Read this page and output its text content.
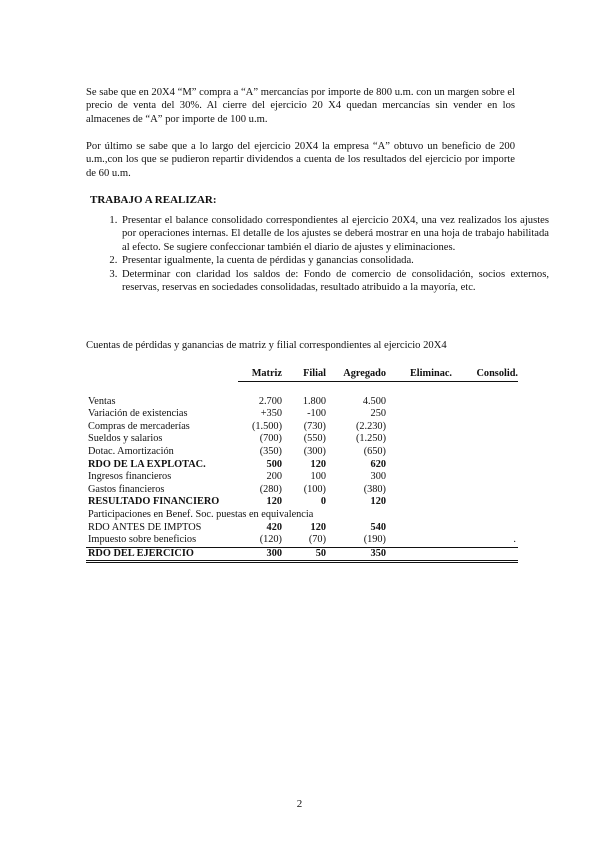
Se sabe que en 20X4 “M” compra a “A” mercancías por importe de 800 u.m. con un margen sobre el precio de venta del 30%. Al cierre del ejercicio 20 X4 quedan mercancías sin vender en los almacenes de “A” por importe de 100 u.m.

Por último se sabe que a lo largo del ejercicio 20X4 la empresa “A” obtuvo un beneficio de 200 u.m.,con los que se pudieron repartir dividendos a cuenta de los resultados del ejercicio por importe de 60 u.m.

TRABAJO A REALIZAR:

1. Presentar el balance consolidado correspondientes al ejercicio 20X4, una vez realizados los ajustes por operaciones internas. El detalle de los ajustes se deberá mostrar en una hoja de trabajo habilitada al efecto. Se sugiere confeccionar también el diario de ajustes y eliminaciones.
2. Presentar igualmente, la cuenta de pérdidas y ganancias consolidada.
3. Determinar con claridad los saldos de: Fondo de comercio de consolidación, socios externos, reservas, reservas en sociedades consolidadas, resultado atribuido a la mayoría, etc.

Cuentas de pérdidas y ganancias de matriz y filial correspondientes al ejercicio 20X4

	Matriz	Filial	Agregado	Eliminac.	Consolid.

Ventas	2.700	1.800	4.500		
Variación de existencias	+350	-100	250		
Compras de mercaderías	(1.500)	(730)	(2.230)		
Sueldos y salarios	(700)	(550)	(1.250)		
Dotac. Amortización	(350)	(300)	(650)		
RDO DE LA EXPLOTAC.	500	120	620		
Ingresos financieros	200	100	300		
Gastos financieros	(280)	(100)	(380)		
RESULTADO FINANCIERO	120	0	120		
Participaciones en Benef. Soc. puestas en equivalencia					
RDO ANTES DE IMPTOS	420	120	540		
Impuesto sobre beneficios	(120)	(70)	(190)		.
RDO DEL EJERCICIO	300	50	350		
2
